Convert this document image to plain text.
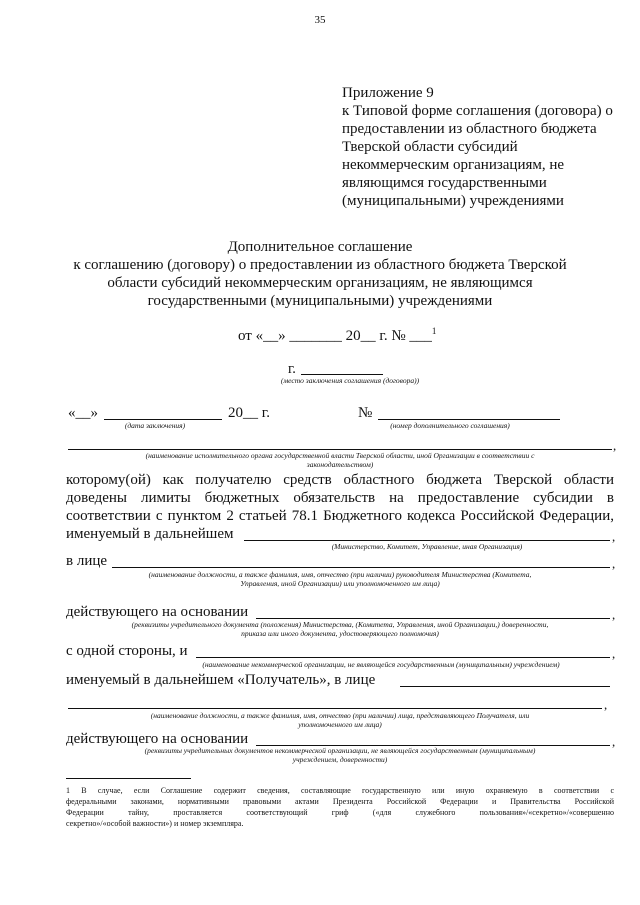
35
Приложение 9
к Типовой форме соглашения (договора) о
предоставлении из областного бюджета
Тверской области субсидий
некоммерческим организациям, не
являющимся государственными
(муниципальными) учреждениями
Дополнительное соглашение
к соглашению (договору) о предоставлении из областного бюджета Тверской
области субсидий некоммерческим организациям, не являющимся
государственными (муниципальными) учреждениями
от «__» _______ 20__ г. № ___$^1$
г.
(место заключения соглашения (договора))
«__»	20__ г.
(дата заключения)
№
(номер дополнительного соглашения)
,
(наименование исполнительного органа государственной власти Тверской области, иной Организации в соответствии с
законодательством)
которому(ой) как получателю средств областного бюджета Тверской области
доведены лимиты бюджетных обязательств на предоставление субсидии в
соответствии с пунктом 2 статьей 78.1 Бюджетного кодекса Российской Федерации,
именуемый в дальнейшем	,
(Министерство, Комитет, Управление, иная Организация)
в лице	,
(наименование должности, а также фамилия, имя, отчество (при наличии) руководителя Министерства (Комитета,
Управления, иной Организации) или уполномоченного им лица)
действующего на основании	,
(реквизиты учредительного документа (положения) Министерства, (Комитета, Управления, иной Организации,) доверенности,
приказа или иного документа, удостоверяющего полномочия)
с одной стороны, и	,
(наименование некоммерческой организации, не являющейся государственным (муниципальным) учреждением)
именуемый в дальнейшем «Получатель», в лице
,
(наименование должности, а также фамилия, имя, отчество (при наличии) лица, представляющего Получателя, или
уполномоченного им лица)
действующего на основании	,
(реквизиты учредительных документов некоммерческой организации, не являющейся государственным (муниципальным)
учреждением, доверенности)
1 В случае, если Соглашение содержит сведения, составляющие государственную или иную охраняемую в соответствии с
федеральными законами, нормативными правовыми актами Президента Российской Федерации и Правительства Российской
Федерации тайну, проставляется соответствующий гриф («для служебного пользования»/«секретно»/«совершенно
секретно»/«особой важности») и номер экземпляра.
